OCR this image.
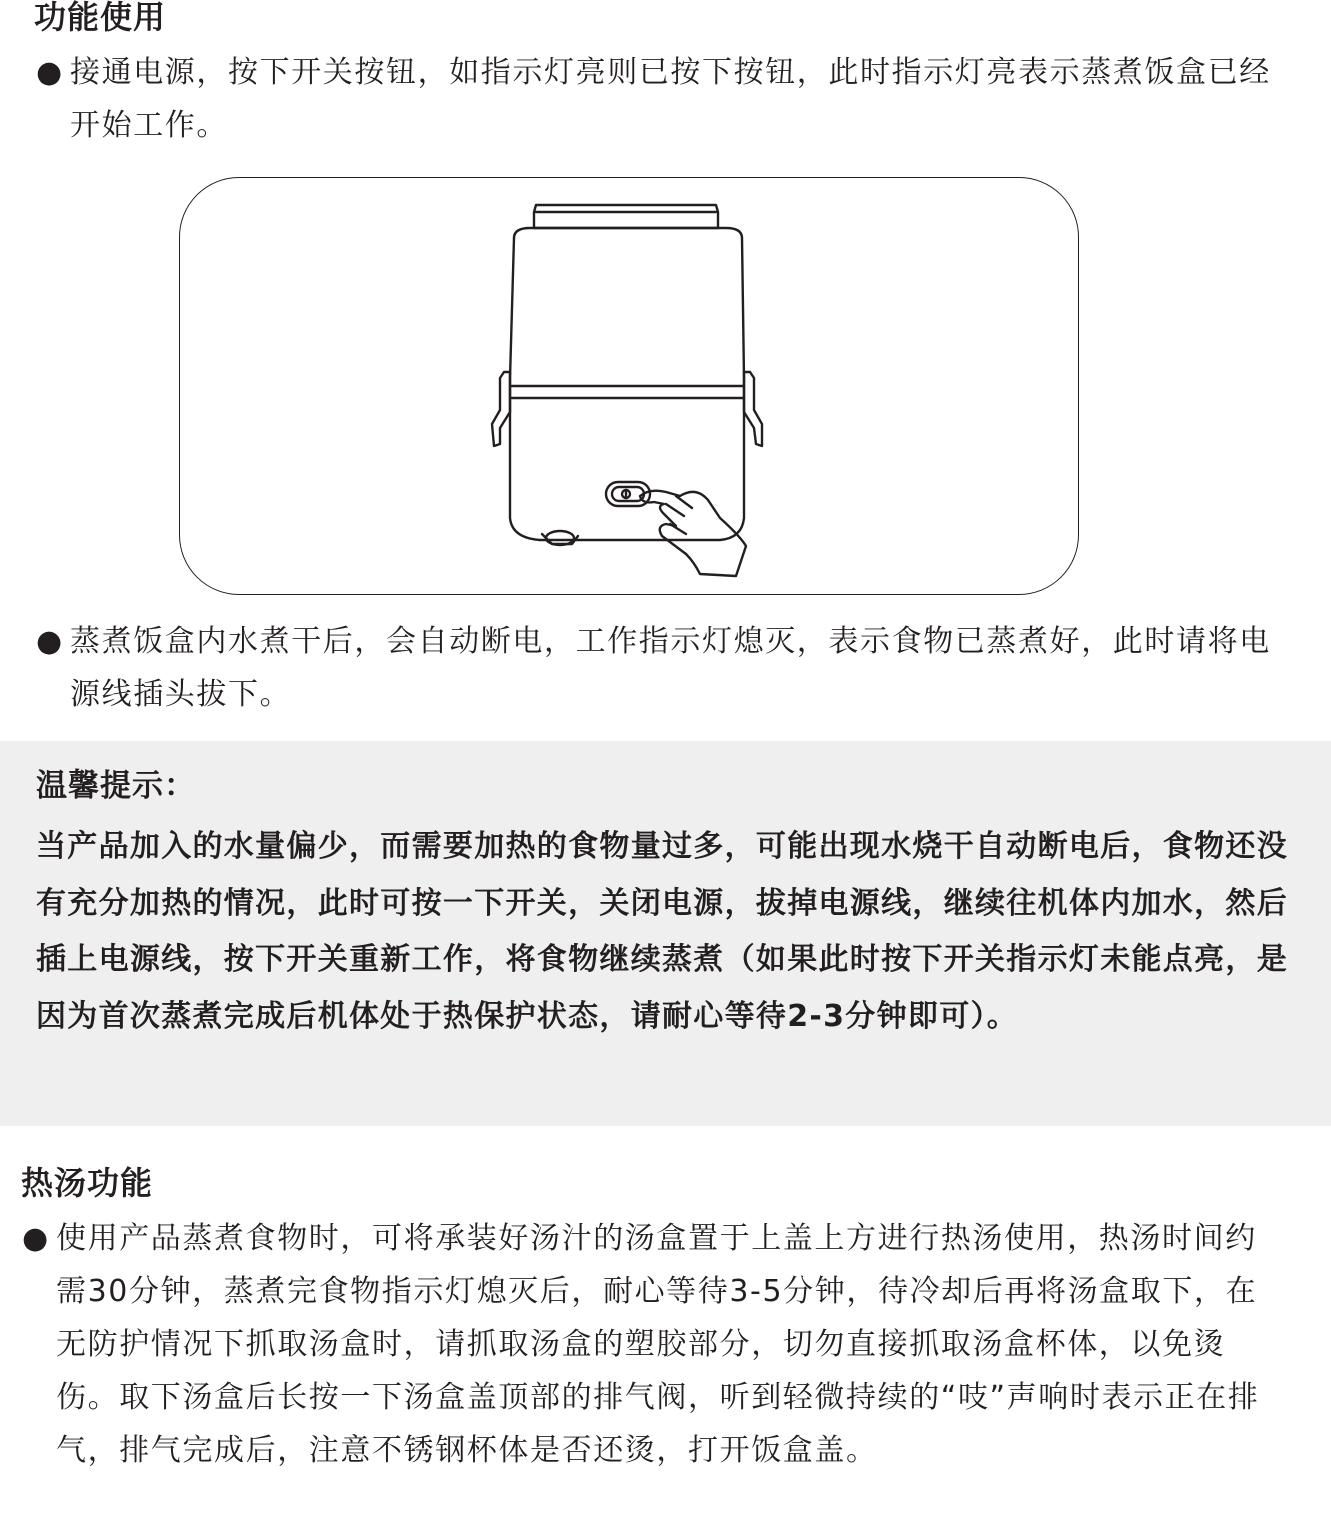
功能使用

● 接通电源，按下开关按钮，如指示灯亮则已按下按钮，此时指示灯亮表示蒸煮饭盒已经开始工作。

● 蒸煮饭盒内水煮干后，会自动断电，工作指示灯熄灭，表示食物已蒸煮好，此时请将电源线插头拔下。

温馨提示：

当产品加入的水量偏少，而需要加热的食物量过多，可能出现水烧干自动断电后，食物还没有充分加热的情况，此时可按一下开关，关闭电源，拔掉电源线，继续往机体内加水，然后插上电源线，按下开关重新工作，将食物继续蒸煮（如果此时按下开关指示灯未能点亮，是因为首次蒸煮完成后机体处于热保护状态，请耐心等待2-3分钟即可）。

热汤功能

● 使用产品蒸煮食物时，可将承装好汤汁的汤盒置于上盖上方进行热汤使用，热汤时间约需30分钟，蒸煮完食物指示灯熄灭后，耐心等待3-5分钟，待冷却后再将汤盒取下，在无防护情况下抓取汤盒时，请抓取汤盒的塑胶部分，切勿直接抓取汤盒杯体，以免烫伤。取下汤盒后长按一下汤盒盖顶部的排气阀，听到轻微持续的“吱”声响时表示正在排气，排气完成后，注意不锈钢杯体是否还烫，打开饭盒盖。
